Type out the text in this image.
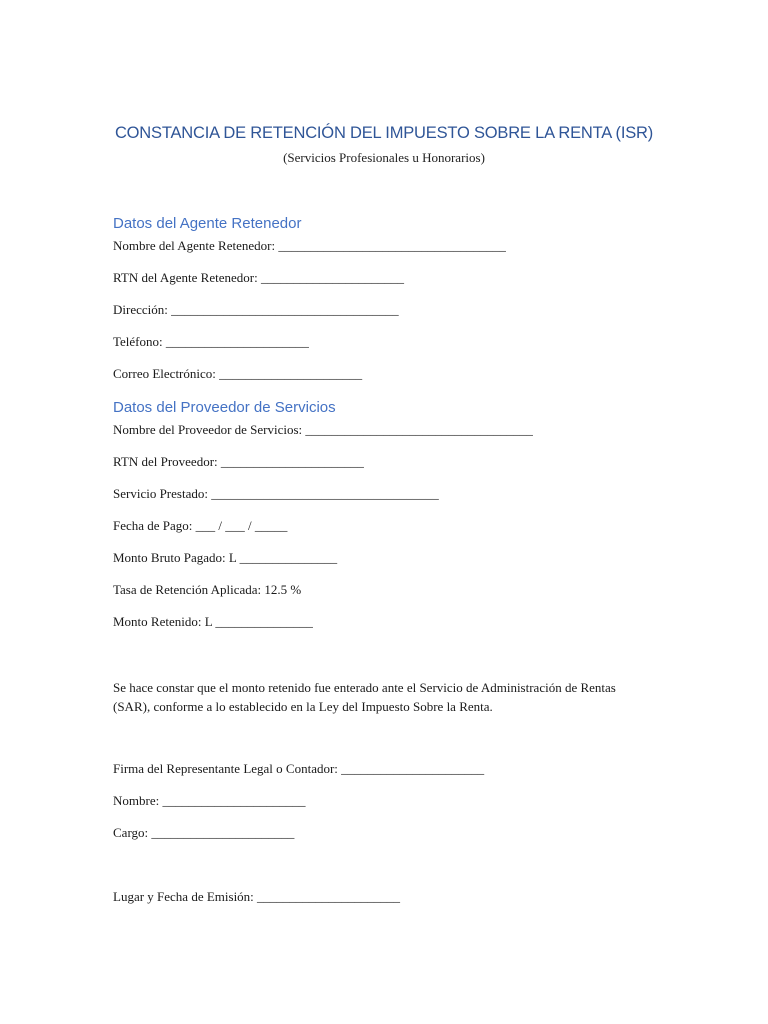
CONSTANCIA DE RETENCIÓN DEL IMPUESTO SOBRE LA RENTA (ISR)
(Servicios Profesionales u Honorarios)
Datos del Agente Retenedor
Nombre del Agente Retenedor: ___________________________________
RTN del Agente Retenedor: ______________________
Dirección: ___________________________________
Teléfono: ______________________
Correo Electrónico: ______________________
Datos del Proveedor de Servicios
Nombre del Proveedor de Servicios: ___________________________________
RTN del Proveedor: ______________________
Servicio Prestado: ___________________________________
Fecha de Pago: ___ / ___ / _____
Monto Bruto Pagado: L _______________
Tasa de Retención Aplicada: 12.5 %
Monto Retenido: L _______________
Se hace constar que el monto retenido fue enterado ante el Servicio de Administración de Rentas (SAR), conforme a lo establecido en la Ley del Impuesto Sobre la Renta.
Firma del Representante Legal o Contador: ______________________
Nombre: ______________________
Cargo: ______________________
Lugar y Fecha de Emisión: ______________________
